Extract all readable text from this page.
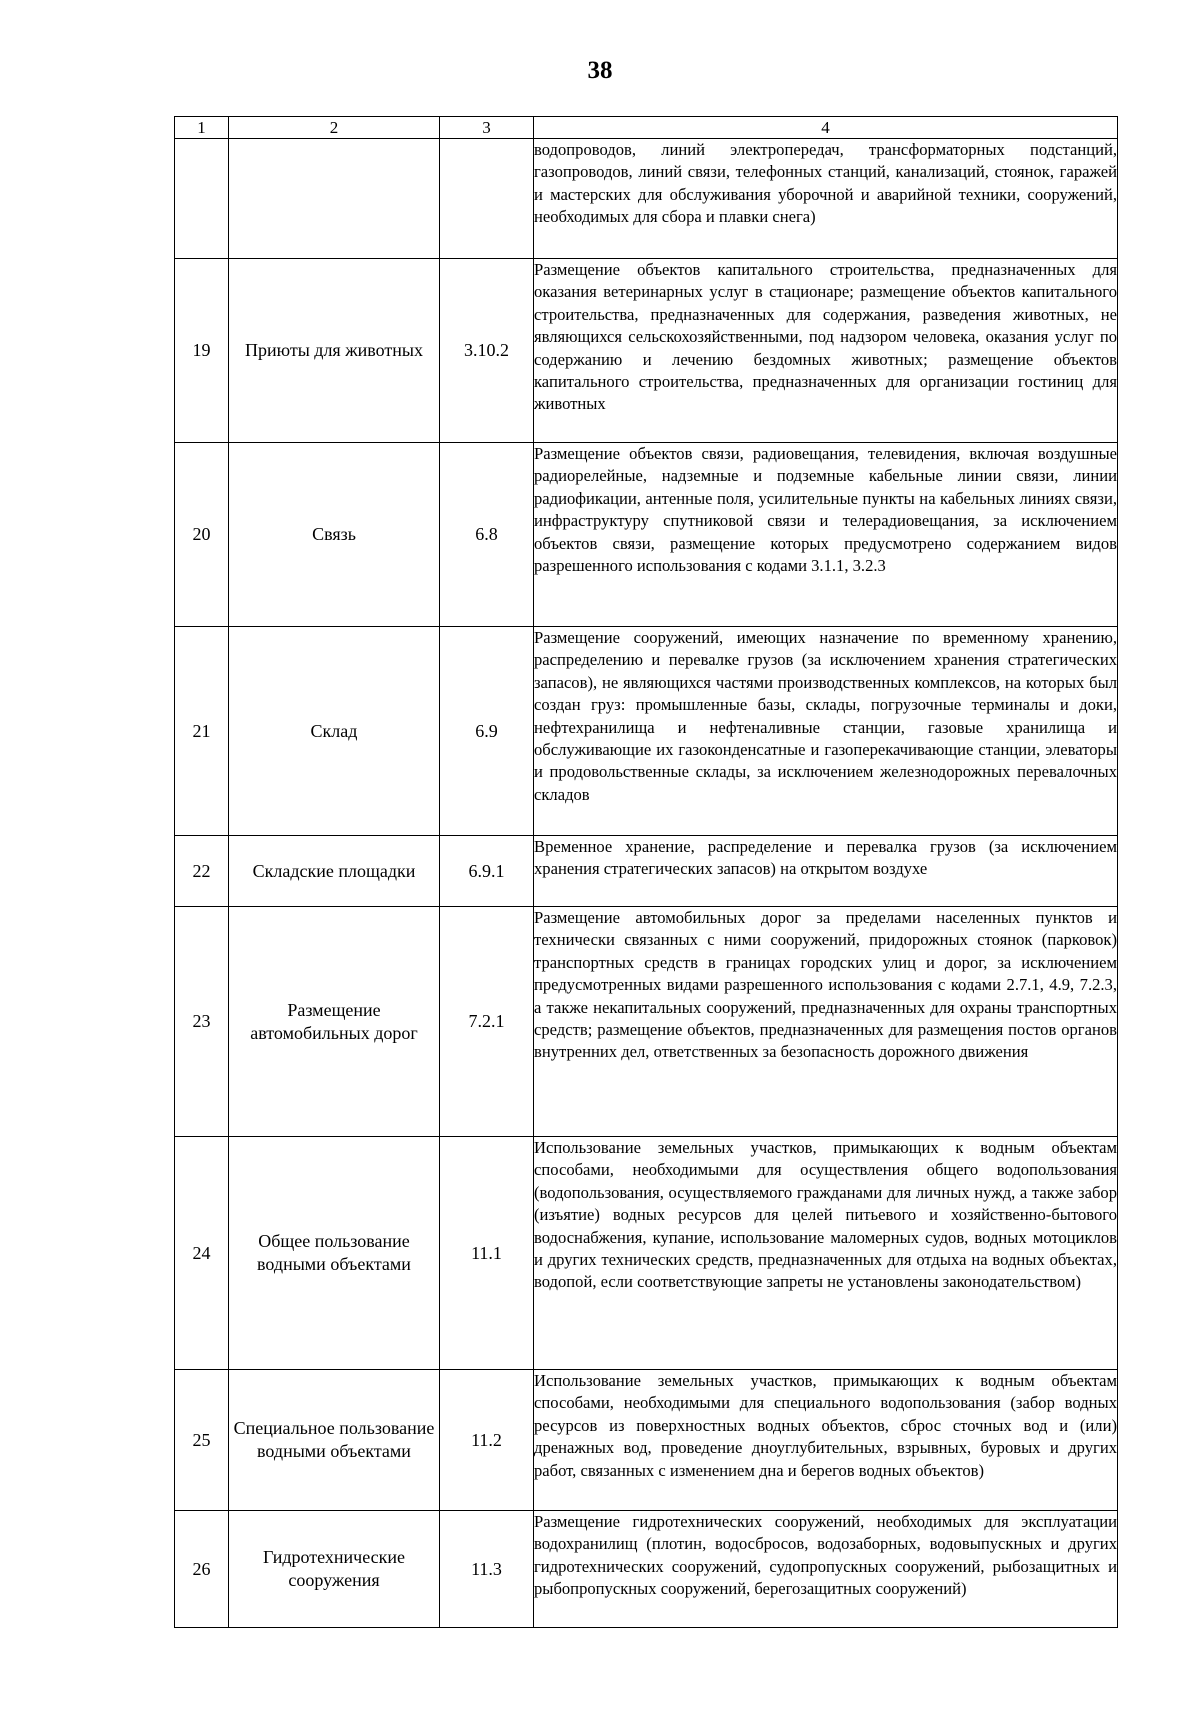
38
1	2	3	4
			водопроводов, линий электропередач, трансформаторных подстанций, газопроводов, линий связи, телефонных станций, канализаций, стоянок, гаражей и мастерских для обслуживания уборочной и аварийной техники, сооружений, необходимых для сбора и плавки снега)
19	Приюты для животных	3.10.2	Размещение объектов капитального строительства, предназначенных для оказания ветеринарных услуг в стационаре; размещение объектов капитального строительства, предназначенных для содержания, разведения животных, не являющихся сельскохозяйственными, под надзором человека, оказания услуг по содержанию и лечению бездомных животных; размещение объектов капитального строительства, предназначенных для организации гостиниц для животных
20	Связь	6.8	Размещение объектов связи, радиовещания, телевидения, включая воздушные радиорелейные, надземные и подземные кабельные линии связи, линии радиофикации, антенные поля, усилительные пункты на кабельных линиях связи, инфраструктуру спутниковой связи и телерадиовещания, за исключением объектов связи, размещение которых предусмотрено содержанием видов разрешенного использования с кодами 3.1.1, 3.2.3
21	Склад	6.9	Размещение сооружений, имеющих назначение по временному хранению, распределению и перевалке грузов (за исключением хранения стратегических запасов), не являющихся частями производственных комплексов, на которых был создан груз: промышленные базы, склады, погрузочные терминалы и доки, нефтехранилища и нефтеналивные станции, газовые хранилища и обслуживающие их газоконденсатные и газоперекачивающие станции, элеваторы и продовольственные склады, за исключением железнодорожных перевалочных складов
22	Складские площадки	6.9.1	Временное хранение, распределение и перевалка грузов (за исключением хранения стратегических запасов) на открытом воздухе
23	Размещение автомобильных дорог	7.2.1	Размещение автомобильных дорог за пределами населенных пунктов и технически связанных с ними сооружений, придорожных стоянок (парковок) транспортных средств в границах городских улиц и дорог, за исключением предусмотренных видами разрешенного использования с кодами 2.7.1, 4.9, 7.2.3, а также некапитальных сооружений, предназначенных для охраны транспортных средств; размещение объектов, предназначенных для размещения постов органов внутренних дел, ответственных за безопасность дорожного движения
24	Общее пользование водными объектами	11.1	Использование земельных участков, примыкающих к водным объектам способами, необходимыми для осуществления общего водопользования (водопользования, осуществляемого гражданами для личных нужд, а также забор (изъятие) водных ресурсов для целей питьевого и хозяйственно-бытового водоснабжения, купание, использование маломерных судов, водных мотоциклов и других технических средств, предназначенных для отдыха на водных объектах, водопой, если соответствующие запреты не установлены законодательством)
25	Специальное пользование водными объектами	11.2	Использование земельных участков, примыкающих к водным объектам способами, необходимыми для специального водопользования (забор водных ресурсов из поверхностных водных объектов, сброс сточных вод и (или) дренажных вод, проведение дноуглубительных, взрывных, буровых и других работ, связанных с изменением дна и берегов водных объектов)
26	Гидротехнические сооружения	11.3	Размещение гидротехнических сооружений, необходимых для эксплуатации водохранилищ (плотин, водосбросов, водозаборных, водовыпускных и других гидротехнических сооружений, судопропускных сооружений, рыбозащитных и рыбопропускных сооружений, берегозащитных сооружений)
